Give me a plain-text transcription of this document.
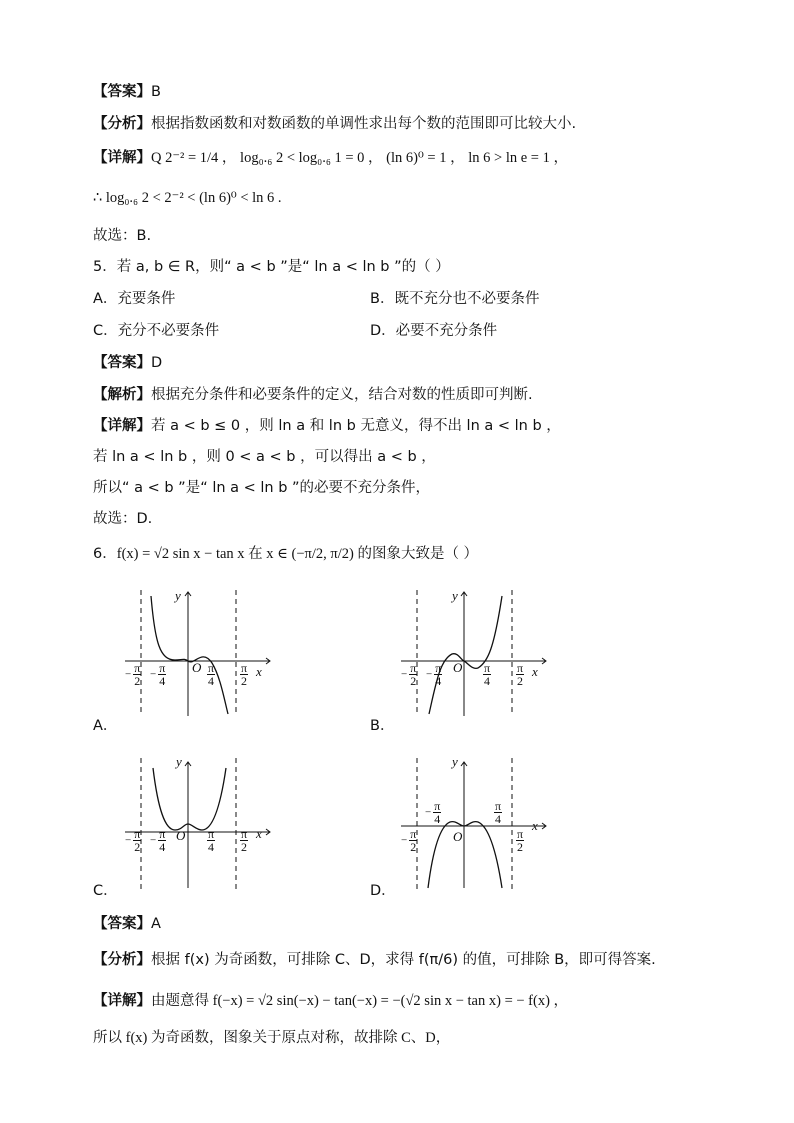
【答案】B
【分析】根据指数函数和对数函数的单调性求出每个数的范围即可比较大小.
【详解】Q 2⁻² = 1/4 ， log₀.₆ 2 < log₀.₆ 1 = 0 ， (ln 6)⁰ = 1 ， ln 6 > ln e = 1 ，
∴ log₀.₆ 2 < 2⁻² < (ln 6)⁰ < ln 6 .
故选：B.
5．若 a, b ∈ R，则“ a < b ”是“ ln a < ln b ”的（ ）
A．充要条件	B．既不充分也不必要条件
C．充分不必要条件	D．必要不充分条件
【答案】D
【解析】根据充分条件和必要条件的定义，结合对数的性质即可判断.
【详解】若 a < b ≤ 0 ，则 ln a 和 ln b 无意义，得不出 ln a < ln b ，
若 ln a < ln b ，则 0 < a < b ，可以得出 a < b ，
所以“ a < b ”是“ ln a < ln b ”的必要不充分条件，
故选：D.
6．f(x) = √2 sin x − tan x 在 x ∈ (−π/2, π/2) 的图象大致是（ ）
y
x
O
y
x
O
y
x
O
y
x
O
− $\frac{\pi}{2} - \frac{\pi}{4}$	$\frac{\pi}{4} \frac{\pi}{2}$	− $\frac{\pi}{2} - \frac{\pi}{4}$	$\frac{\pi}{4} \frac{\pi}{2}$
− $\frac{\pi}{2} - \frac{\pi}{4}$	$\frac{\pi}{4} \frac{\pi}{2}$	− $\frac{\pi}{2}$
− $\frac{\pi}{4}$	$\frac{\pi}{4}$
$\frac{\pi}{2}$
A．	B．
C．	D．
【答案】A
【分析】根据 f(x) 为奇函数，可排除 C、D，求得 f(π/6) 的值，可排除 B，即可得答案.
【详解】由题意得 f(−x) = √2 sin(−x) − tan(−x) = −(√2 sin x − tan x) = − f(x) ，
所以 f(x) 为奇函数，图象关于原点对称，故排除 C、D，
